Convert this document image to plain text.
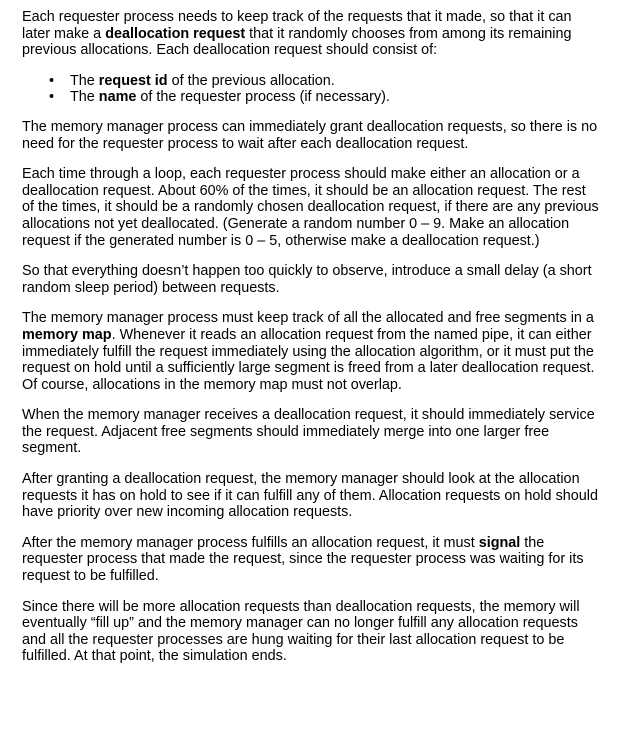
Each requester process needs to keep track of the requests that it made, so that it can later make a deallocation request that it randomly chooses from among its remaining previous allocations. Each deallocation request should consist of:

• The request id of the previous allocation.
• The name of the requester process (if necessary).

The memory manager process can immediately grant deallocation requests, so there is no need for the requester process to wait after each deallocation request.

Each time through a loop, each requester process should make either an allocation or a deallocation request. About 60% of the times, it should be an allocation request. The rest of the times, it should be a randomly chosen deallocation request, if there are any previous allocations not yet deallocated. (Generate a random number 0 – 9. Make an allocation request if the generated number is 0 – 5, otherwise make a deallocation request.)

So that everything doesn’t happen too quickly to observe, introduce a small delay (a short random sleep period) between requests.

The memory manager process must keep track of all the allocated and free segments in a memory map. Whenever it reads an allocation request from the named pipe, it can either immediately fulfill the request immediately using the allocation algorithm, or it must put the request on hold until a sufficiently large segment is freed from a later deallocation request. Of course, allocations in the memory map must not overlap.

When the memory manager receives a deallocation request, it should immediately service the request. Adjacent free segments should immediately merge into one larger free segment.

After granting a deallocation request, the memory manager should look at the allocation requests it has on hold to see if it can fulfill any of them. Allocation requests on hold should have priority over new incoming allocation requests.

After the memory manager process fulfills an allocation request, it must signal the requester process that made the request, since the requester process was waiting for its request to be fulfilled.

Since there will be more allocation requests than deallocation requests, the memory will eventually “fill up” and the memory manager can no longer fulfill any allocation requests and all the requester processes are hung waiting for their last allocation request to be fulfilled. At that point, the simulation ends.
